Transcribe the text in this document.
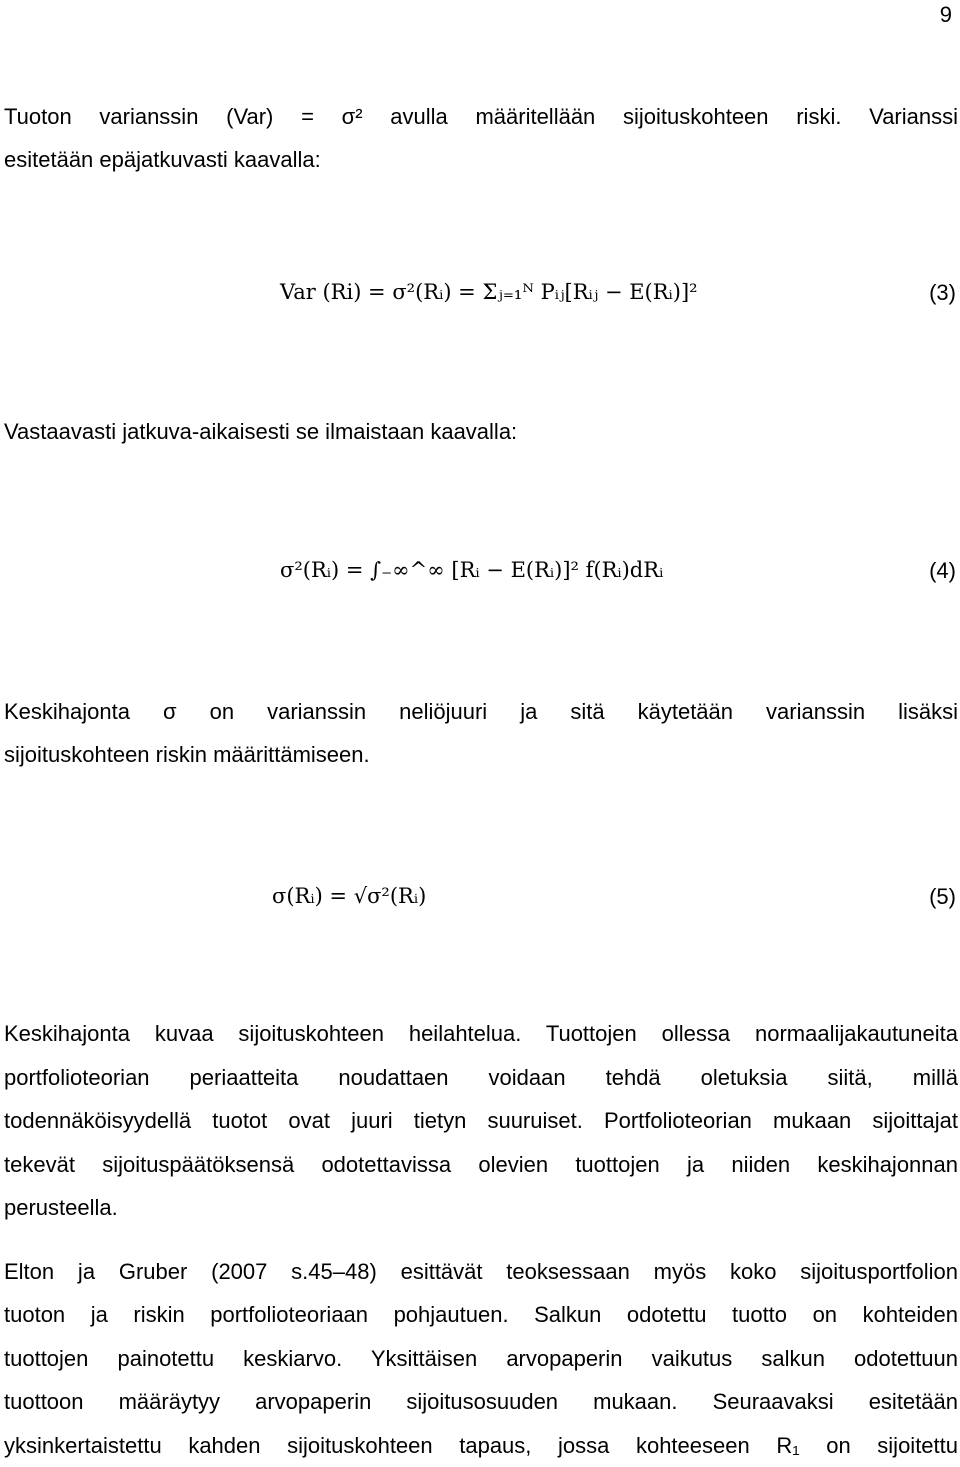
9

Tuoton varianssin (Var) = σ² avulla määritellään sijoituskohteen riski. Varianssi

esitetään epäjatkuvasti kaavalla:

Var (Ri) = σ²(Rᵢ) = Σⱼ₌₁ᴺ Pᵢⱼ[Rᵢⱼ − E(Rᵢ)]²	(3)

Vastaavasti jatkuva-aikaisesti se ilmaistaan kaavalla:

σ²(Rᵢ) = ∫₋∞^∞ [Rᵢ − E(Rᵢ)]² f(Rᵢ)dRᵢ	(4)

Keskihajonta σ on varianssin neliöjuuri ja sitä käytetään varianssin lisäksi

sijoituskohteen riskin määrittämiseen.

σ(Rᵢ) = √σ²(Rᵢ)	(5)

Keskihajonta kuvaa sijoituskohteen heilahtelua. Tuottojen ollessa normaalijakautuneita

portfolioteorian periaatteita noudattaen voidaan tehdä oletuksia siitä, millä

todennäköisyydellä tuotot ovat juuri tietyn suuruiset. Portfolioteorian mukaan sijoittajat

tekevät sijoituspäätöksensä odotettavissa olevien tuottojen ja niiden keskihajonnan

perusteella.

Elton ja Gruber (2007 s.45–48) esittävät teoksessaan myös koko sijoitusportfolion

tuoton ja riskin portfolioteoriaan pohjautuen. Salkun odotettu tuotto on kohteiden

tuottojen painotettu keskiarvo. Yksittäisen arvopaperin vaikutus salkun odotettuun

tuottoon määräytyy arvopaperin sijoitusosuuden mukaan. Seuraavaksi esitetään

yksinkertaistettu kahden sijoituskohteen tapaus, jossa kohteeseen R₁ on sijoitettu
